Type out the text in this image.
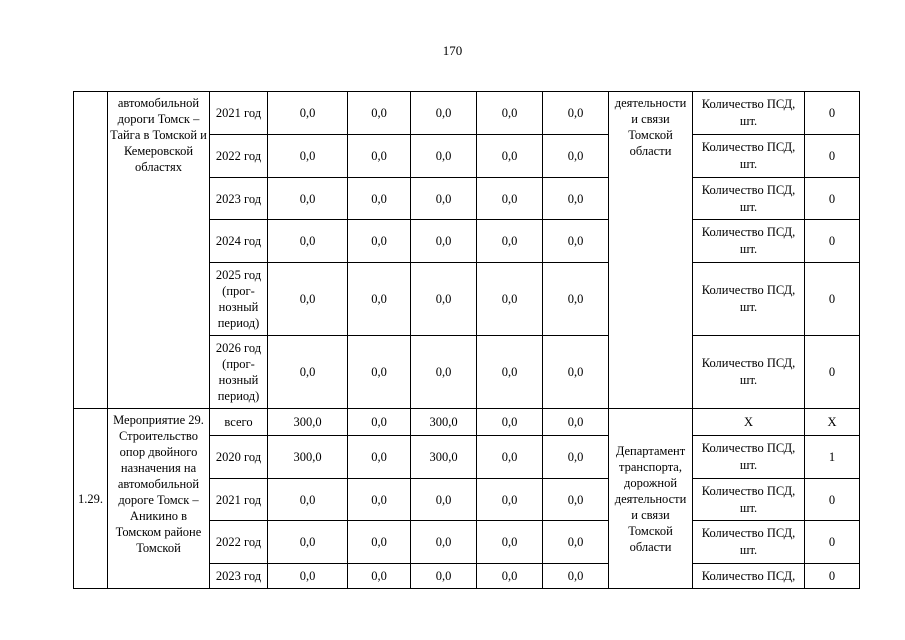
170
	автомобильной дороги Томск – Тайга в Томской и Кемеровской областях	2021 год	0,0	0,0	0,0	0,0	0,0	деятельности и связи Томской области	Количество ПСД, шт.	0
		2022 год	0,0	0,0	0,0	0,0	0,0		Количество ПСД, шт.	0
		2023 год	0,0	0,0	0,0	0,0	0,0		Количество ПСД, шт.	0
		2024 год	0,0	0,0	0,0	0,0	0,0		Количество ПСД, шт.	0
		2025 год (прог-нозный период)	0,0	0,0	0,0	0,0	0,0		Количество ПСД, шт.	0
		2026 год (прог-нозный период)	0,0	0,0	0,0	0,0	0,0		Количество ПСД, шт.	0
1.29.	Мероприятие 29. Строительство опор двойного назначения на автомобильной дороге Томск – Аникино в Томском районе Томской	всего	300,0	0,0	300,0	0,0	0,0	Департамент транспорта, дорожной деятельности и связи Томской области	Х	Х
		2020 год	300,0	0,0	300,0	0,0	0,0		Количество ПСД, шт.	1
		2021 год	0,0	0,0	0,0	0,0	0,0		Количество ПСД, шт.	0
		2022 год	0,0	0,0	0,0	0,0	0,0		Количество ПСД, шт.	0
		2023 год	0,0	0,0	0,0	0,0	0,0		Количество ПСД,	0
